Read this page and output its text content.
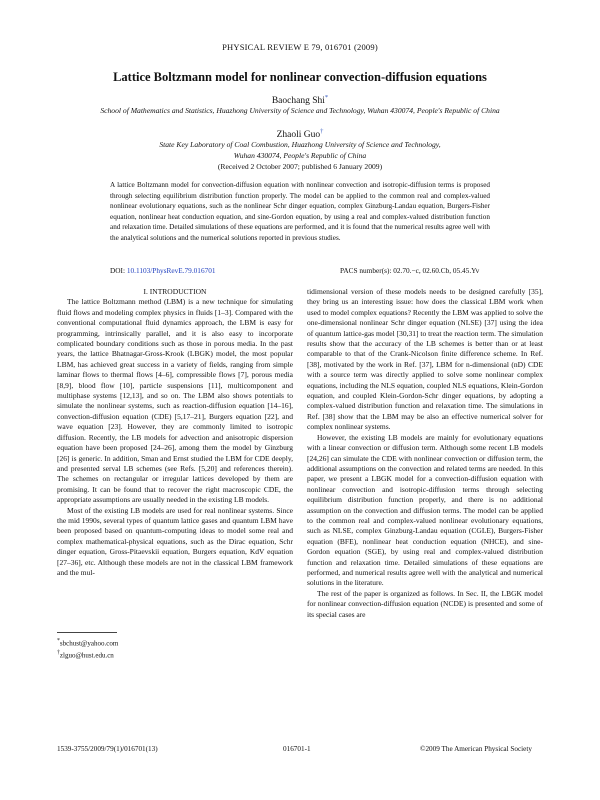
PHYSICAL REVIEW E 79, 016701 (2009)
Lattice Boltzmann model for nonlinear convection-diffusion equations
Baochang Shi*
School of Mathematics and Statistics, Huazhong University of Science and Technology, Wuhan 430074, People's Republic of China
Zhaoli Guo†
State Key Laboratory of Coal Combustion, Huazhong University of Science and Technology,
Wuhan 430074, People's Republic of China
(Received 2 October 2007; published 6 January 2009)
A lattice Boltzmann model for convection-diffusion equation with nonlinear convection and isotropic-diffusion terms is proposed through selecting equilibrium distribution function properly. The model can be applied to the common real and complex-valued nonlinear evolutionary equations, such as the nonlinear Schr dinger equation, complex Ginzburg-Landau equation, Burgers-Fisher equation, nonlinear heat conduction equation, and sine-Gordon equation, by using a real and complex-valued distribution function and relaxation time. Detailed simulations of these equations are performed, and it is found that the numerical results agree well with the analytical solutions and the numerical solutions reported in previous studies.
DOI: 10.1103/PhysRevE.79.016701	PACS number(s): 02.70.−c, 02.60.Cb, 05.45.Yv

I. INTRODUCTION

The lattice Boltzmann method (LBM) is a new technique for simulating fluid flows and modeling complex physics in fluids [1–3]. Compared with the conventional computational fluid dynamics approach, the LBM is easy for programming, intrinsically parallel, and it is also easy to incorporate complicated boundary conditions such as those in porous media. In the past years, the lattice Bhatnagar-Gross-Krook (LBGK) model, the most popular LBM, has achieved great success in a variety of fields, ranging from simple laminar flows to thermal flows [4–6], compressible flows [7], porous media [8,9], blood flow [10], particle suspensions [11], multicomponent and multiphase systems [12,13], and so on. The LBM also shows potentials to simulate the nonlinear systems, such as reaction-diffusion equation [14–16], convection-diffusion equation (CDE) [5,17–21], Burgers equation [22], and wave equation [23]. However, they are commonly limited to isotropic diffusion. Recently, the LB models for advection and anisotropic dispersion equation have been proposed [24–26], among them the model by Ginzburg [26] is generic. In addition, Sman and Ernst studied the LBM for CDE deeply, and presented serval LB schemes (see Refs. [5,20] and references therein). The schemes on rectangular or irregular lattices developed by them are promising. It can be found that to recover the right macroscopic CDE, the appropriate assumptions are usually needed in the existing LB models.

Most of the existing LB models are used for real nonlinear systems. Since the mid 1990s, several types of quantum lattice gases and quantum LBM have been proposed based on quantum-computing ideas to model some real and complex mathematical-physical equations, such as the Dirac equation, Schr dinger equation, Gross-Pitaevskii equation, Burgers equation, KdV equation [27–36], etc. Although these models are not in the classical LBM framework and the mul-

tidimensional version of these models needs to be designed carefully [35], they bring us an interesting issue: how does the classical LBM work when used to model complex equations? Recently the LBM was applied to solve the one-dimensional nonlinear Schr dinger equation (NLSE) [37] using the idea of quantum lattice-gas model [30,31] to treat the reaction term. The simulation results show that the accuracy of the LB schemes is better than or at least comparable to that of the Crank-Nicolson finite difference scheme. In Ref. [38], motivated by the work in Ref. [37], LBM for n-dimensional (nD) CDE with a source term was directly applied to solve some nonlinear complex equations, including the NLS equation, coupled NLS equations, Klein-Gordon equation, and coupled Klein-Gordon-Schr dinger equations, by adopting a complex-valued distribution function and relaxation time. The simulations in Ref. [38] show that the LBM may be also an effective numerical solver for complex nonlinear systems.

However, the existing LB models are mainly for evolutionary equations with a linear convection or diffusion term. Although some recent LB models [24,26] can simulate the CDE with nonlinear convection or diffusion term, the additional assumptions on the convection and related terms are needed. In this paper, we present a LBGK model for a convection-diffusion equation with nonlinear convection and isotropic-diffusion terms through selecting equilibrium distribution function properly, and there is no additional assumption on the convection and diffusion terms. The model can be applied to the common real and complex-valued nonlinear evolutionary equations, such as NLSE, complex Ginzburg-Landau equation (CGLE), Burgers-Fisher equation (BFE), nonlinear heat conduction equation (NHCE), and sine-Gordon equation (SGE), by using real and complex-valued distribution function and relaxation time. Detailed simulations of these equations are performed, and numerical results agree well with the analytical and numerical solutions in the literature.

The rest of the paper is organized as follows. In Sec. II, the LBGK model for nonlinear convection-diffusion equation (NCDE) is presented and some of its special cases are

*sbchust@yahoo.com
†zlguo@hust.edu.cn
1539-3755/2009/79(1)/016701(13)	016701-1	©2009 The American Physical Society
